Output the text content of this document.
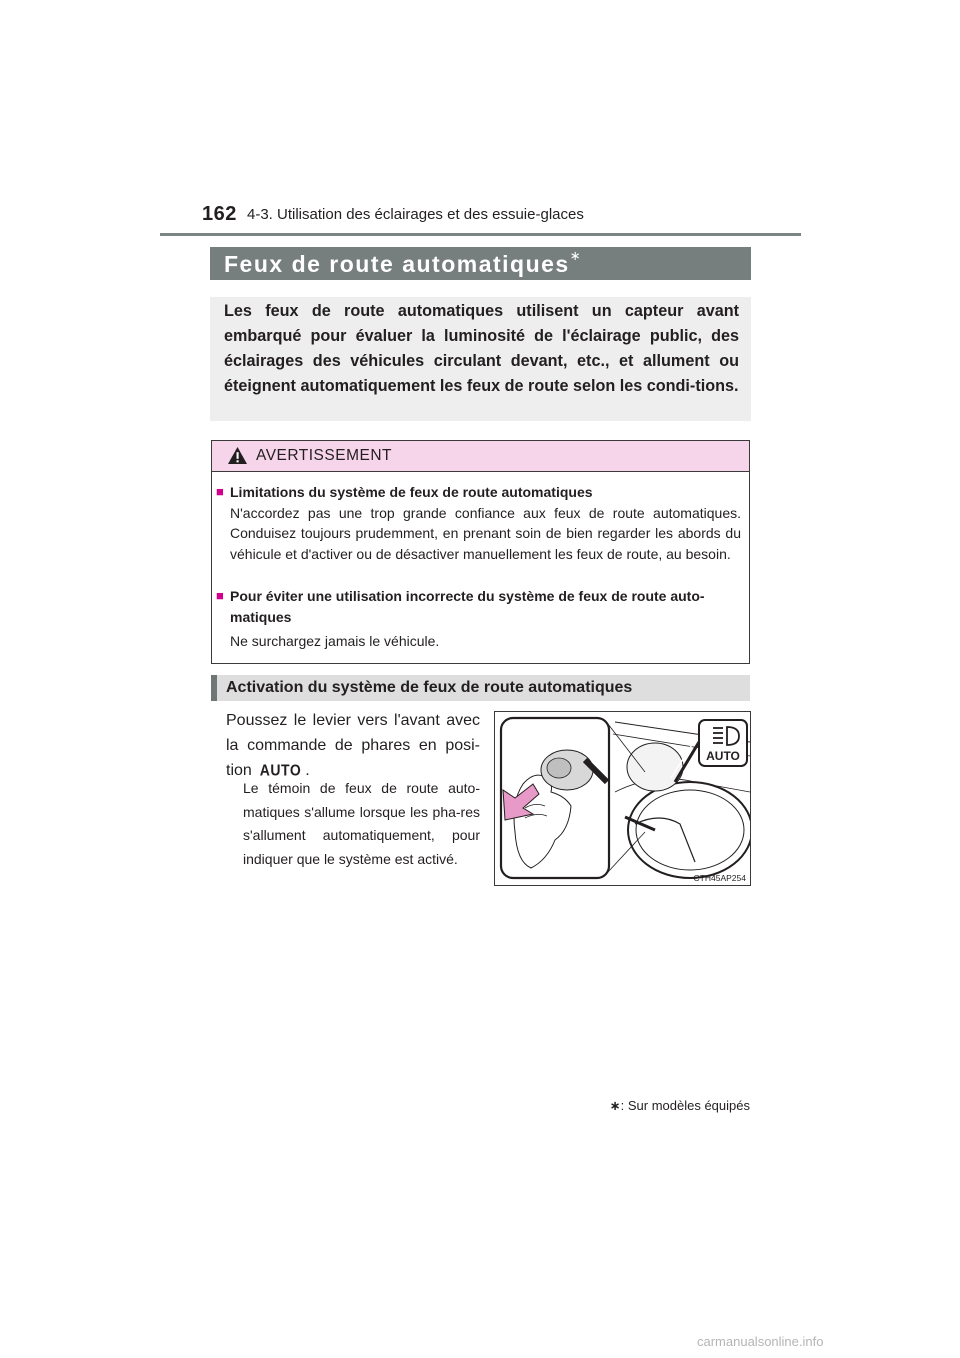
162 4-3. Utilisation des éclairages et des essuie-glaces
Feux de route automatiques∗
Les feux de route automatiques utilisent un capteur avant embarqué pour évaluer la luminosité de l'éclairage public, des éclairages des véhicules circulant devant, etc., et allument ou éteignent automatiquement les feux de route selon les condi-tions.
AVERTISSEMENT
■ Limitations du système de feux de route automatiques
N'accordez pas une trop grande confiance aux feux de route automatiques. Conduisez toujours prudemment, en prenant soin de bien regarder les abords du véhicule et d'activer ou de désactiver manuellement les feux de route, au besoin.
■ Pour éviter une utilisation incorrecte du système de feux de route auto-matiques
Ne surchargez jamais le véhicule.
Activation du système de feux de route automatiques
Poussez le levier vers l'avant avec la commande de phares en posi-tion AUTO .
Le témoin de feux de route auto-matiques s'allume lorsque les pha-res s'allument automatiquement, pour indiquer que le système est activé.
AUTO
CTH45AP254
∗: Sur modèles équipés
carmanualsonline.info
